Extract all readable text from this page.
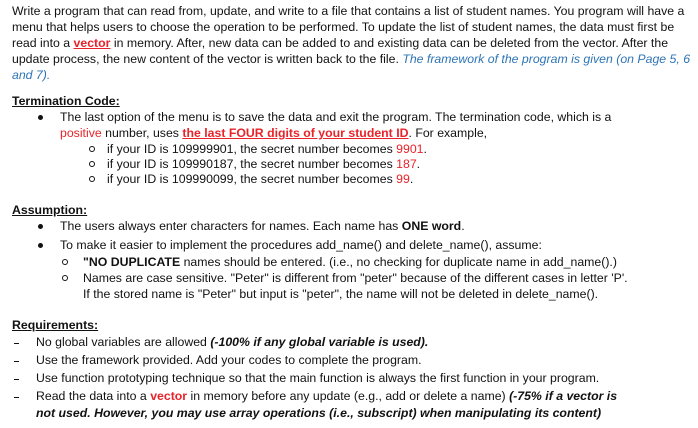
Write a program that can read from, update, and write to a file that contains a list of student names. You program will have a menu that helps users to choose the operation to be performed. To update the list of student names, the data must first be read into a vector in memory. After, new data can be added to and existing data can be deleted from the vector. After the update process, the new content of the vector is written back to the file. The framework of the program is given (on Page 5, 6 and 7).
Termination Code:
The last option of the menu is to save the data and exit the program. The termination code, which is a
positive number, uses the last FOUR digits of your student ID. For example,
if your ID is 109999901, the secret number becomes 9901.
if your ID is 109990187, the secret number becomes 187.
if your ID is 109990099, the secret number becomes 99.
Assumption:
The users always enter characters for names. Each name has ONE word.
To make it easier to implement the procedures add_name() and delete_name(), assume:
"NO DUPLICATE names should be entered. (i.e., no checking for duplicate name in add_name().)
Names are case sensitive. "Peter" is different from "peter" because of the different cases in letter 'P'.
If the stored name is "Peter" but input is "peter", the name will not be deleted in delete_name().
Requirements:
No global variables are allowed (-100% if any global variable is used).
Use the framework provided. Add your codes to complete the program.
Use function prototyping technique so that the main function is always the first function in your program.
Read the data into a vector in memory before any update (e.g., add or delete a name) (-75% if a vector is
not used. However, you may use array operations (i.e., subscript) when manipulating its content)
